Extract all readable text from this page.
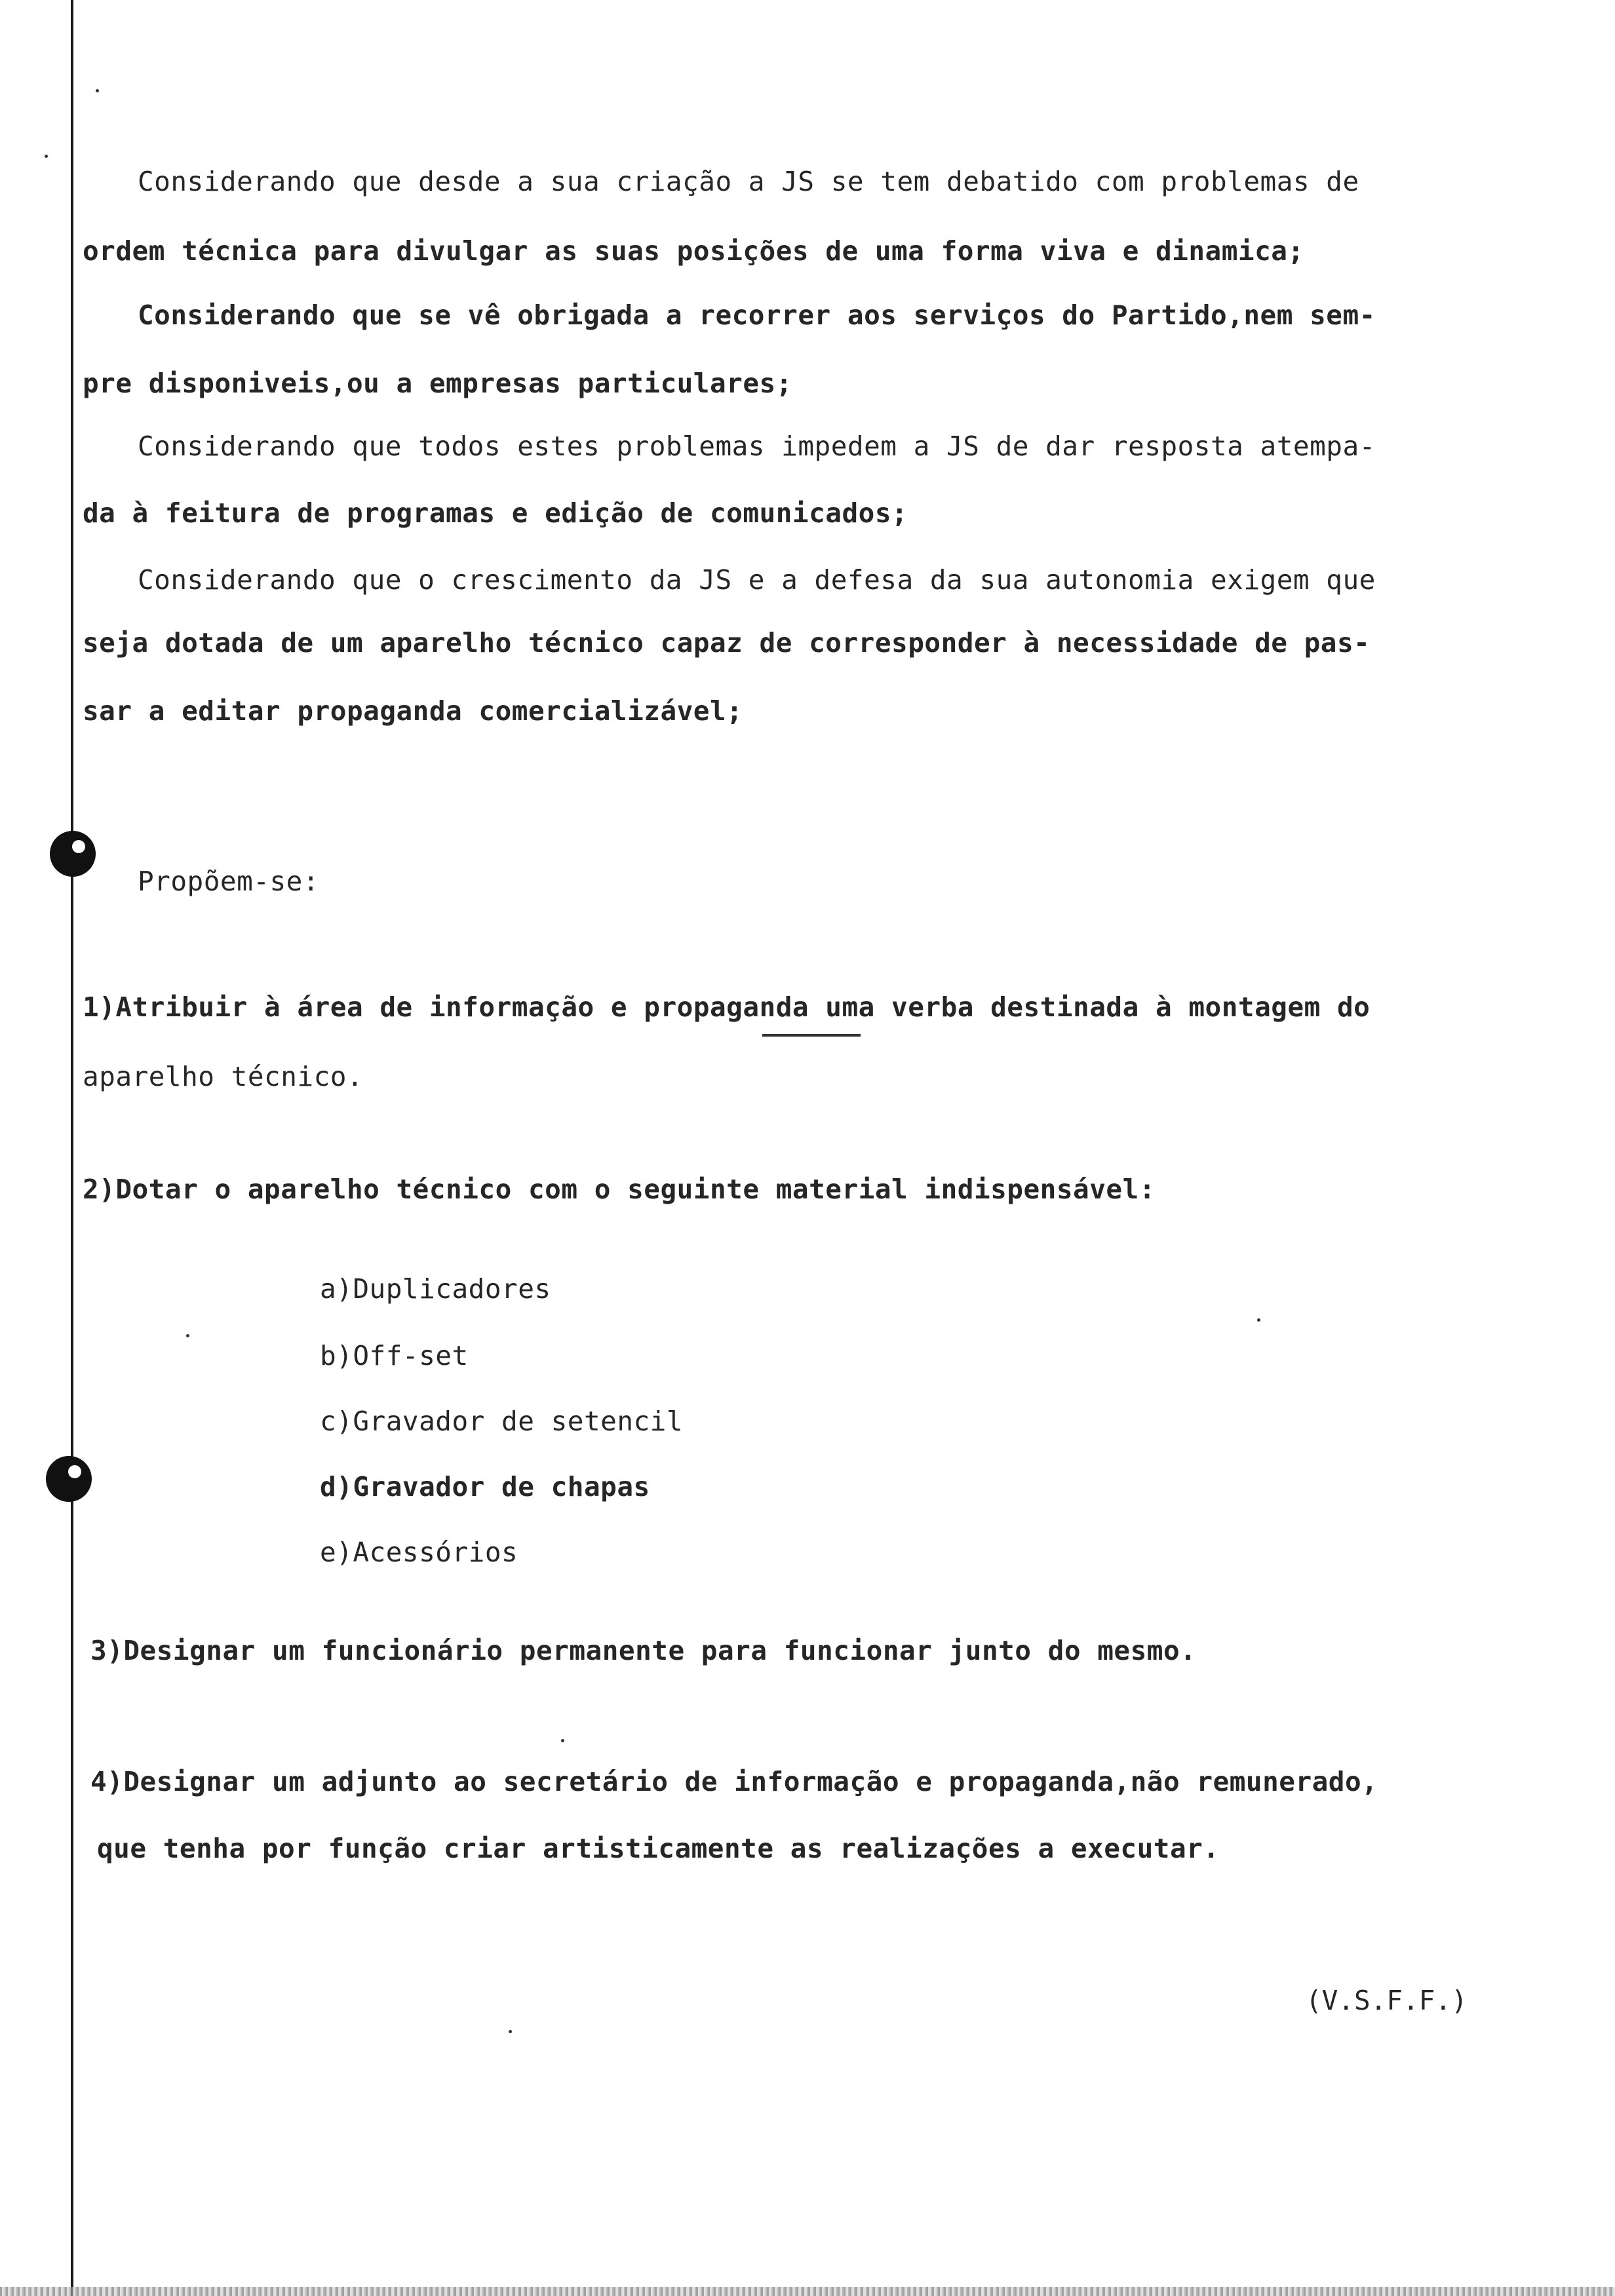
Considerando que desde a sua criação a JS se tem debatido com problemas de
ordem técnica para divulgar as suas posições de uma forma viva e dinamica;
Considerando que se vê obrigada a recorrer aos serviços do Partido,nem sem-
pre disponiveis,ou a empresas particulares;
Considerando que todos estes problemas impedem a JS de dar resposta atempa-
da à feitura de programas e edição de comunicados;
Considerando que o crescimento da JS e a defesa da sua autonomia exigem que
seja dotada de um aparelho técnico capaz de corresponder à necessidade de pas-
sar a editar propaganda comercializável;
Propõem-se:
1)Atribuir à área de informação e propaganda uma verba destinada à montagem do
aparelho técnico.
2)Dotar o aparelho técnico com o seguinte material indispensável:
a)Duplicadores
b)Off-set
c)Gravador de setencil
d)Gravador de chapas
e)Acessórios
3)Designar um funcionário permanente para funcionar junto do mesmo.
4)Designar um adjunto ao secretário de informação e propaganda,não remunerado,
que tenha por função criar artisticamente as realizações a executar.
(V.S.F.F.)
